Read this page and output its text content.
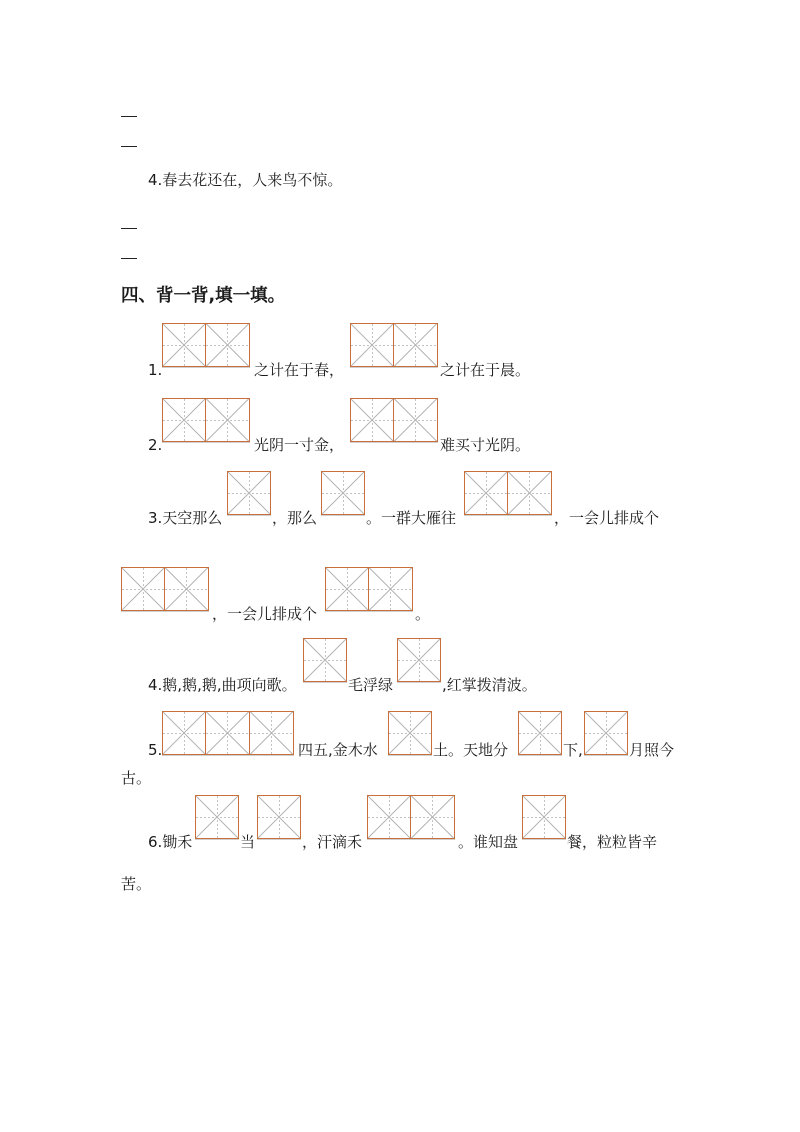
4.春去花还在，人来鸟不惊。
四、背一背,填一填。
1.	之计在于春，	之计在于晨。
2.	光阴一寸金，	难买寸光阴。
3.天空那么	，那么	。一群大雁往	，一会儿排成个
，一会儿排成个	。
4.鹅,鹅,鹅,曲项向歌。	毛浮绿	,红掌拨清波。
5.	四五,金木水	土。天地分	下,	月照今
古。
6.锄禾	当	，汗滴禾	。谁知盘	餐，粒粒皆辛
苦。
